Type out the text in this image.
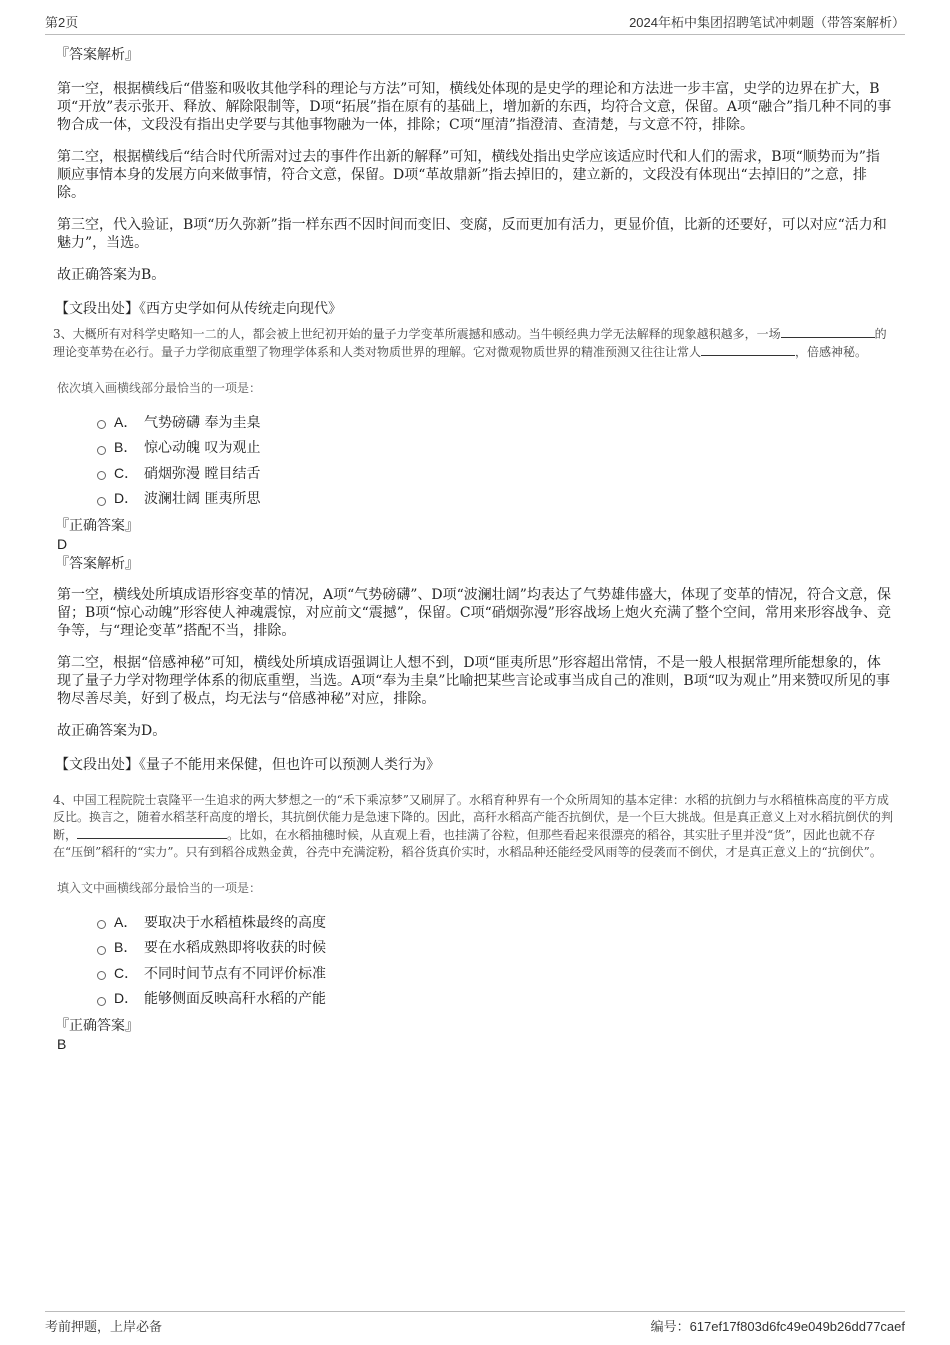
第2页	2024年柘中集团招聘笔试冲刺题（带答案解析）

『答案解析』

第一空，根据横线后“借鉴和吸收其他学科的理论与方法”可知，横线处体现的是史学的理论和方法进一步丰富，史学的边界在扩大，B项“开放”表示张开、释放、解除限制等，D项“拓展”指在原有的基础上，增加新的东西，均符合文意，保留。A项“融合”指几种不同的事物合成一体，文段没有指出史学要与其他事物融为一体，排除；C项“厘清”指澄清、查清楚，与文意不符，排除。

第二空，根据横线后“结合时代所需对过去的事件作出新的解释”可知，横线处指出史学应该适应时代和人们的需求，B项“顺势而为”指顺应事情本身的发展方向来做事情，符合文意，保留。D项“革故鼎新”指去掉旧的，建立新的，文段没有体现出“去掉旧的”之意，排除。

第三空，代入验证，B项“历久弥新”指一样东西不因时间而变旧、变腐，反而更加有活力，更显价值，比新的还要好，可以对应“活力和魅力”，当选。

故正确答案为B。

【文段出处】《西方史学如何从传统走向现代》

3、大概所有对科学史略知一二的人，都会被上世纪初开始的量子力学变革所震撼和感动。当牛顿经典力学无法解释的现象越积越多，一场	的理论变革势在必行。量子力学彻底重塑了物理学体系和人类对物质世界的理解。它对微观物质世界的精准预测又往往让常人	，倍感神秘。

依次填入画横线部分最恰当的一项是：

A． 气势磅礴 奉为圭臬
B． 惊心动魄 叹为观止
C． 硝烟弥漫 瞠目结舌
D． 波澜壮阔 匪夷所思

『正确答案』

D

『答案解析』

第一空，横线处所填成语形容变革的情况，A项“气势磅礴”、D项“波澜壮阔”均表达了气势雄伟盛大，体现了变革的情况，符合文意，保留；B项“惊心动魄”形容使人神魂震惊，对应前文“震撼”，保留。C项“硝烟弥漫”形容战场上炮火充满了整个空间，常用来形容战争、竞争等，与“理论变革”搭配不当，排除。

第二空，根据“倍感神秘”可知，横线处所填成语强调让人想不到，D项“匪夷所思”形容超出常情，不是一般人根据常理所能想象的，体现了量子力学对物理学体系的彻底重塑，当选。A项“奉为圭臬”比喻把某些言论或事当成自己的准则，B项“叹为观止”用来赞叹所见的事物尽善尽美，好到了极点，均无法与“倍感神秘”对应，排除。

故正确答案为D。

【文段出处】《量子不能用来保健，但也许可以预测人类行为》

4、中国工程院院士袁隆平一生追求的两大梦想之一的“禾下乘凉梦”又刷屏了。水稻育种界有一个众所周知的基本定律：水稻的抗倒力与水稻植株高度的平方成反比。换言之，随着水稻茎秆高度的增长，其抗倒伏能力是急速下降的。因此，高秆水稻高产能否抗倒伏，是一个巨大挑战。但是真正意义上对水稻抗倒伏的判断，	。比如，在水稻抽穗时候，从直观上看，也挂满了谷粒，但那些看起来很漂亮的稻谷，其实肚子里并没“货”，因此也就不存在“压倒”稻秆的“实力”。只有到稻谷成熟金黄，谷壳中充满淀粉，稻谷货真价实时，水稻品种还能经受风雨等的侵袭而不倒伏，才是真正意义上的“抗倒伏”。

填入文中画横线部分最恰当的一项是：

A． 要取决于水稻植株最终的高度
B． 要在水稻成熟即将收获的时候
C． 不同时间节点有不同评价标准
D． 能够侧面反映高秆水稻的产能

『正确答案』

B

考前押题，上岸必备	编号：617ef17f803d6fc49e049b26dd77caef
